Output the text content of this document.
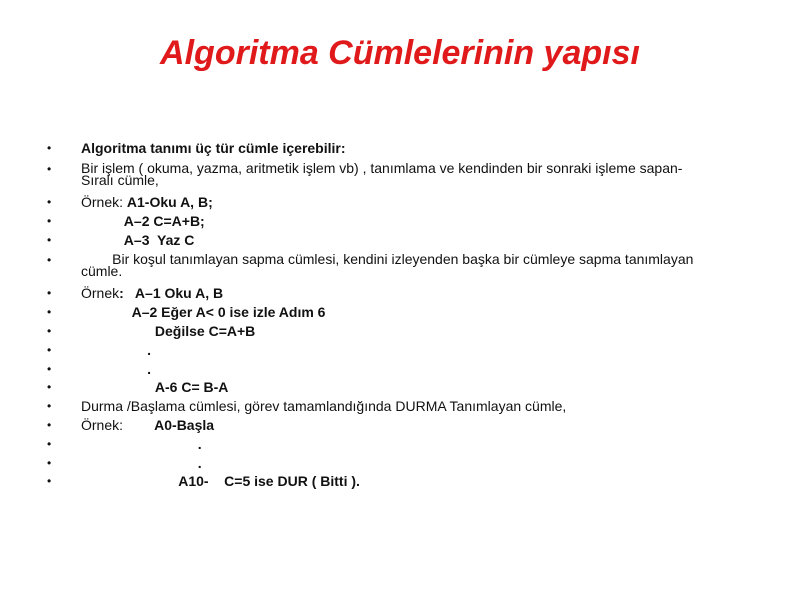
Algoritma Cümlelerinin yapısı
•	Algoritma tanımı üç tür cümle içerebilir:
•	Bir işlem ( okuma, yazma, aritmetik işlem vb) , tanımlama ve kendinden bir sonraki işleme sapan- Sıralı cümle,
•	Örnek: A1-Oku A, B;
•	A–2 C=A+B;
•	A–3  Yaz C
•	Bir koşul tanımlayan sapma cümlesi, kendini izleyenden başka bir cümleye sapma tanımlayan cümle.
•	Örnek:   A–1 Oku A, B
•	A–2 Eğer A< 0 ise izle Adım 6
•	Değilse C=A+B
•	.
•	.
•	A-6 C= B-A
•	Durma /Başlama cümlesi, görev tamamlandığında DURMA Tanımlayan cümle,
•	Örnek:        A0-Başla
•	.
•	.
•	A10-    C=5 ise DUR ( Bitti ).
